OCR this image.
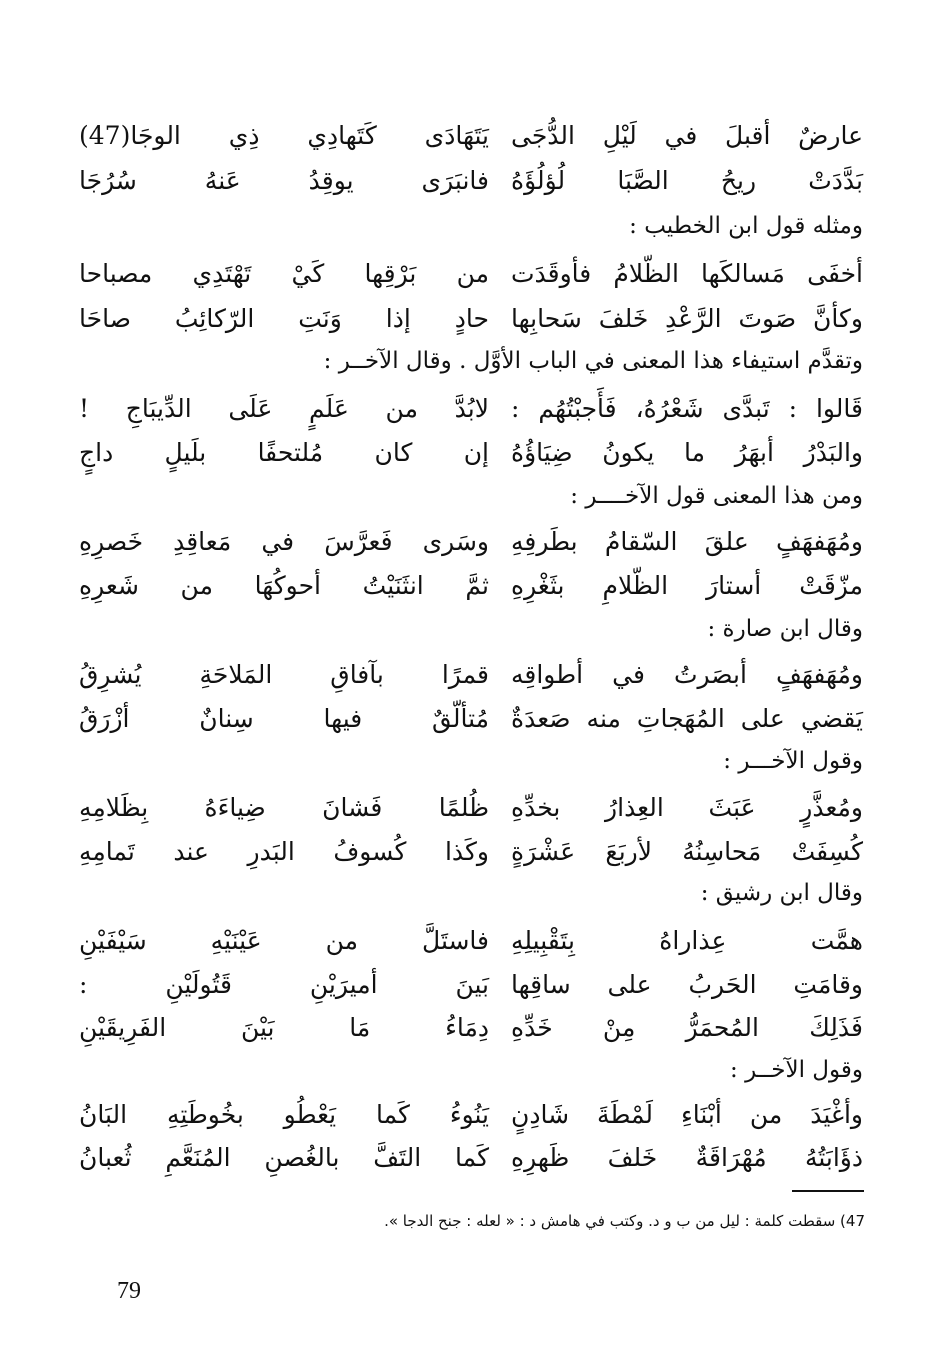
عارضٌ أقبلَ في لَيْلِ الدُّجَى
يَتَهَادَى كَتَهادِي ذِي الوجَا(47)
بَدَّدَتْ ريحُ الصَّبَا لُؤلُؤَهُ
فانبَرَى يوقِدُ عَنهُ سُرُجَا
ومثله قول ابن الخطيب :
أخفَى مَسالكَها الظّلامُ فأوقَدَت
من بَرْقِها كَيْ تَهْتَدِي مصباحا
وكأنَّ صَوتَ الرَّعْدِ خَلفَ سَحابِها
حادٍ إذا وَنَتِ الرّكائِبُ صاحَا
وتقدَّم استيفاء هذا المعنى في الباب الأوَّل . وقال الآخــر :
قَالوا : تَبدَّى شَعْرُهُ، فَأَجبْتُهُم :
لابُدَّ من عَلَمٍ عَلَى الدِّيبَاجِ !
والبَدْرُ أبهَرُ ما يكونُ ضِيَاؤُهُ
إن كان مُلتحفًا بلَيلٍ داجٍ
ومن هذا المعنى قول الآخــــر :
ومُهَفهَفٍ علقَ السّقامُ بطَرفِهِ
وسَرى فَعرَّسَ في مَعاقِدِ خَصرِهِ
مزّقَتْ أستارَ الظّلامِ بثَغْرِهِ
ثمَّ انثَنَيْتُ أحوكُهَا من شَعرِهِ
وقال ابن صارة :
ومُهَفهَفٍ أبصَرتُ في أطواقِه
قمرًا بآفاقِ المَلاحَةِ يُشرِقُ
يَقضي على المُهَجاتِ منه صَعدَةٌ
مُتألّقٌ فيها سِنانٌ أزْرَقُ
وقول الآخـــر :
ومُعذَّرٍ عَبَثَ العِذارُ بخدِّهِ
ظُلمًا فَشانَ ضِياءَهُ بِظَلامِهِ
كُسِفَتْ مَحاسِنُهُ لأربَعَ عَشْرَةٍ
وكَذا كُسوفُ البَدرِ عند تَمامِهِ
وقال ابن رشيق :
همَّت عِذاراهُ بِتَقْبِيلِهِ
فاستَلَّ من عَيْنَيْهِ سَيْفَيْنِ
وقامَتِ الحَربُ على ساقِها
بَينَ أميرَيْنِ قَتُولَيْنِ :
فَذَلِكَ المُحمَرُّ مِنْ خَدِّهِ
دِمَاءُ مَا بَيْنَ الفَرِيقَيْنِ
وقول الآخــر :
وأغْيَدَ من أبْنَاءِ لَمْطَةَ شَادِنٍ
يَنُوءُ كَما يَعْطُو بخُوطَتِهِ البَانُ
ذؤَابَتُهُ مُهْرَاقَةٌ خَلفَ ظَهرِهِ
كَما التَفَّ بالغُصنِ المُنَعَّمِ ثُعبانُ
47) سقطت كلمة : ليل من ب و د. وكتب في هامش د : « لعله : جنح الدجا ».
79
